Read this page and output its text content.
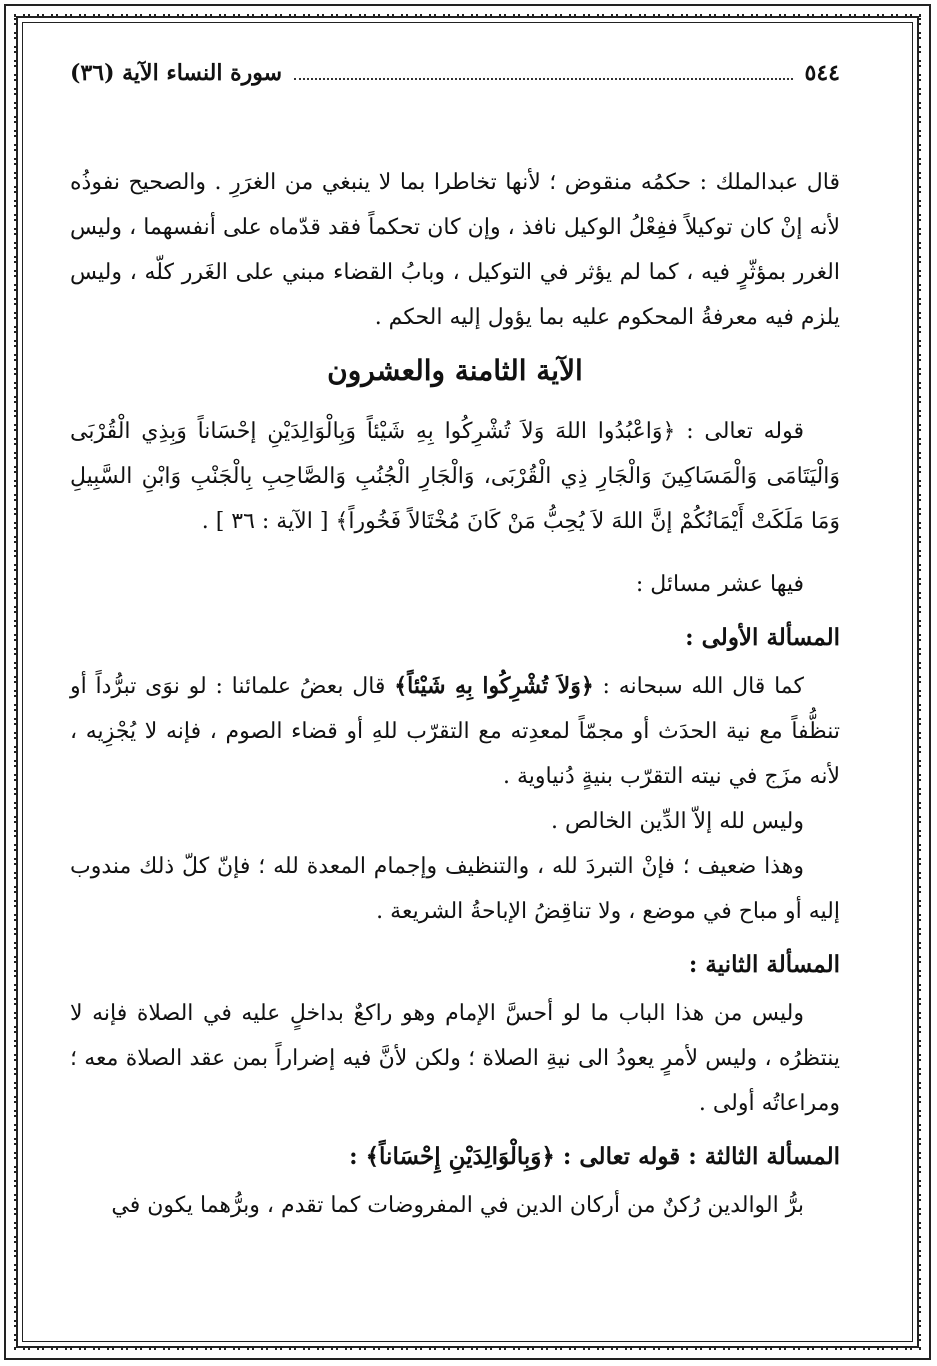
٥٤٤
سورة النساء الآية (٣٦)

قال عبدالملك : حكمُه منقوض ؛ لأنها تخاطرا بما لا ينبغي من الغرَرِ . والصحيح نفوذُه لأنه إنْ كان توكيلاً ففِعْلُ الوكيل نافذ ، وإن كان تحكماً فقد قدّماه على أنفسهما ، وليس الغرر بمؤثّرٍ فيه ، كما لم يؤثر في التوكيل ، وبابُ القضاء مبني على الغَرر كلّه ، وليس يلزم فيه معرفةُ المحكوم عليه بما يؤول إليه الحكم .

الآية الثامنة والعشرون

قوله تعالى : ﴿وَاعْبُدُوا اللهَ وَلاَ تُشْرِكُوا بِهِ شَيْئاً وَبِالْوَالِدَيْنِ إحْسَاناً وَبِذِي الْقُرْبَى وَالْيَتَامَى وَالْمَسَاكِينَ وَالْجَارِ ذِي الْقُرْبَى، وَالْجَارِ الْجُنُبِ وَالصَّاحِبِ بِالْجَنْبِ وَابْنِ السَّبِيلِ وَمَا مَلَكَتْ أَيْمَانُكُمْ إنَّ اللهَ لاَ يُحِبُّ مَنْ كَانَ مُخْتَالاً فَخُوراً﴾ [ الآية : ٣٦ ] .

فيها عشر مسائل :

المسألة الأولى :

كما قال الله سبحانه : ﴿وَلاَ تُشْرِكُوا بِهِ شَيْئاً﴾ قال بعضُ علمائنا : لو نوَى تبرُّداً أو تنظُّفاً مع نية الحدَث أو مجمّاً لمعدِته مع التقرّب للهِ أو قضاء الصوم ، فإنه لا يُجْزِيه ، لأنه مزَج في نيته التقرّب بنيةٍ دُنياوية .

وليس لله إلاّ الدِّين الخالص .

وهذا ضعيف ؛ فإنْ التبردَ لله ، والتنظيف وإجمام المعدة لله ؛ فإنّ كلّ ذلك مندوب إليه أو مباح في موضع ، ولا تناقِضُ الإباحةُ الشريعة .

المسألة الثانية :

وليس من هذا الباب ما لو أحسَّ الإمام وهو راكعٌ بداخلٍ عليه في الصلاة فإنه لا ينتظرُه ، وليس لأمرٍ يعودُ الى نيةِ الصلاة ؛ ولكن لأنَّ فيه إضراراً بمن عقد الصلاة معه ؛ ومراعاتُه أولى .

المسألة الثالثة : قوله تعالى : ﴿وَبِالْوَالِدَيْنِ إِحْسَاناً﴾ :

برُّ الوالدين رُكنٌ من أركان الدين في المفروضات كما تقدم ، وبرُّهما يكون في
